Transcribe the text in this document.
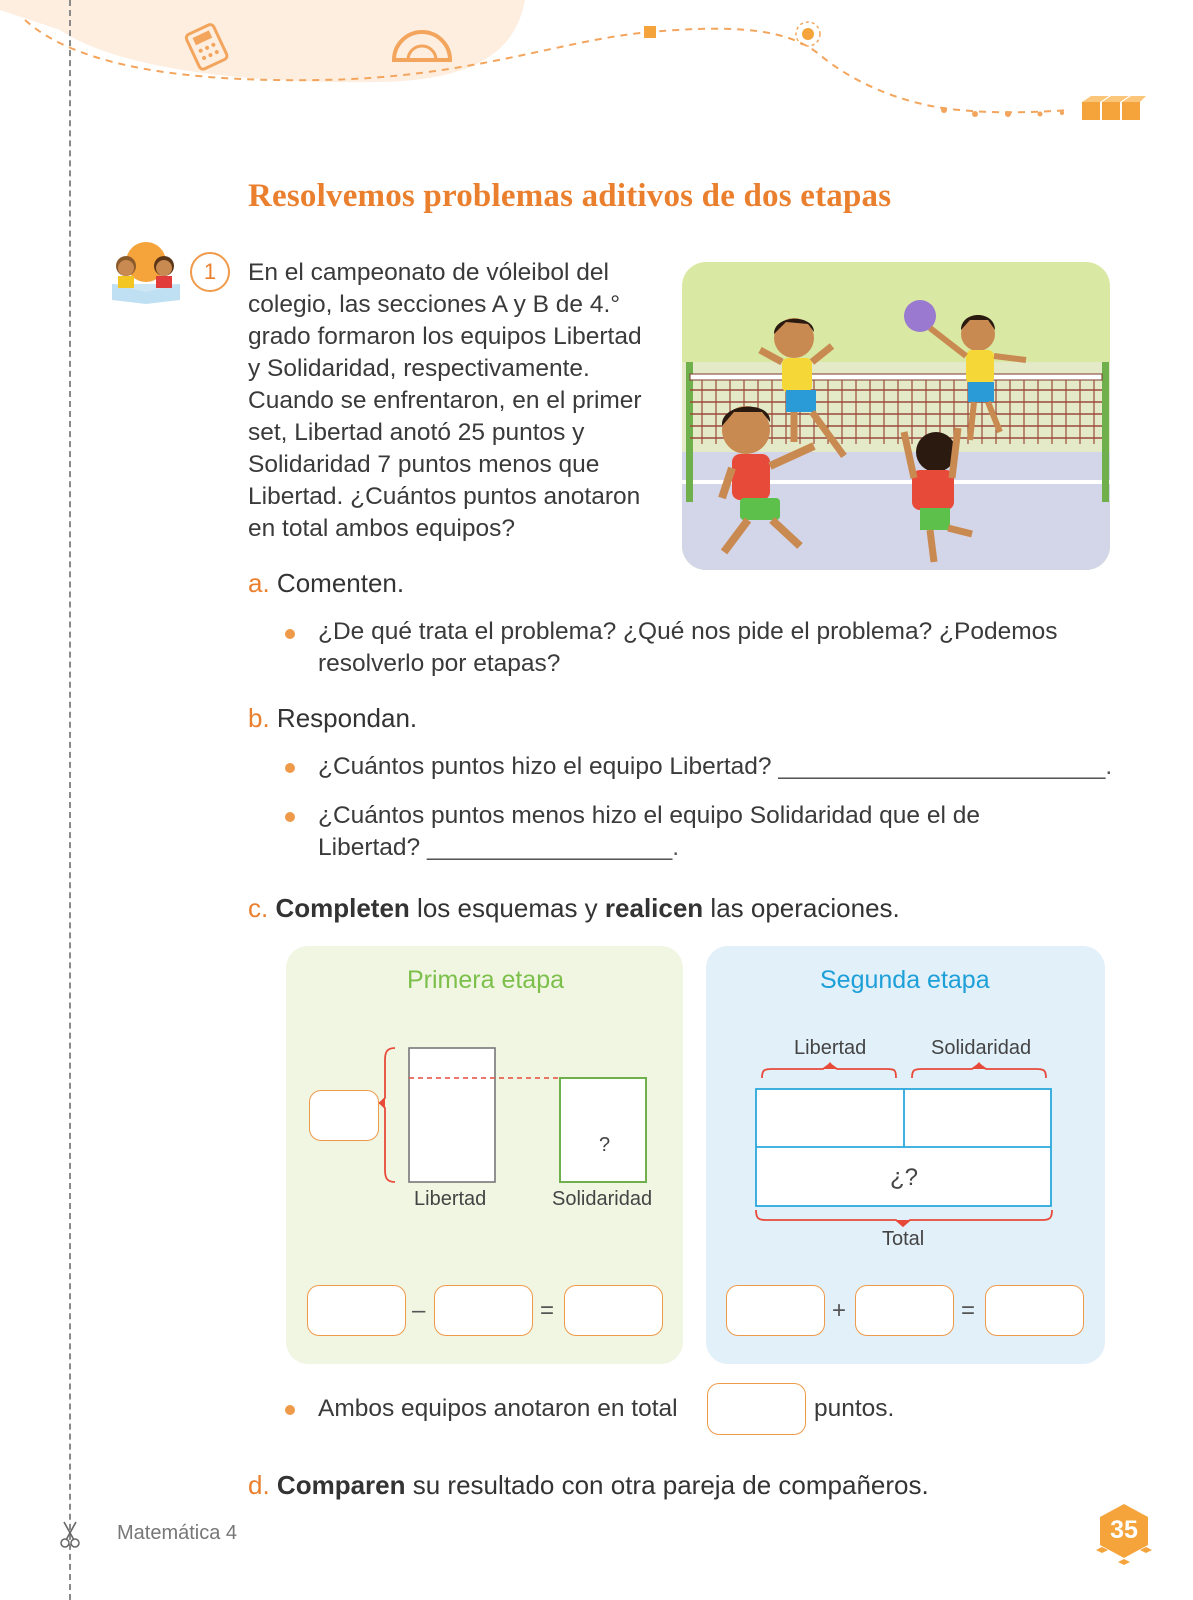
Resolvemos problemas aditivos de dos etapas
1	En el campeonato de vóleibol del
colegio, las secciones A y B de 4.°
grado formaron los equipos Libertad
y Solidaridad, respectivamente.
Cuando se enfrentaron, en el primer
set, Libertad anotó 25 puntos y
Solidaridad 7 puntos menos que
Libertad. ¿Cuántos puntos anotaron
en total ambos equipos?
a. Comenten.
¿De qué trata el problema? ¿Qué nos pide el problema? ¿Podemos
resolverlo por etapas?
b. Respondan.
¿Cuántos puntos hizo el equipo Libertad? ________________________.
¿Cuántos puntos menos hizo el equipo Solidaridad que el de
Libertad? __________________.
c. Completen los esquemas y realicen las operaciones.
Primera etapa
?
Libertad	Solidaridad
–	=
Segunda etapa
Libertad	Solidaridad
¿?
Total
+	=
Ambos equipos anotaron en total	puntos.
d. Comparen su resultado con otra pareja de compañeros.
Matemática 4	35
